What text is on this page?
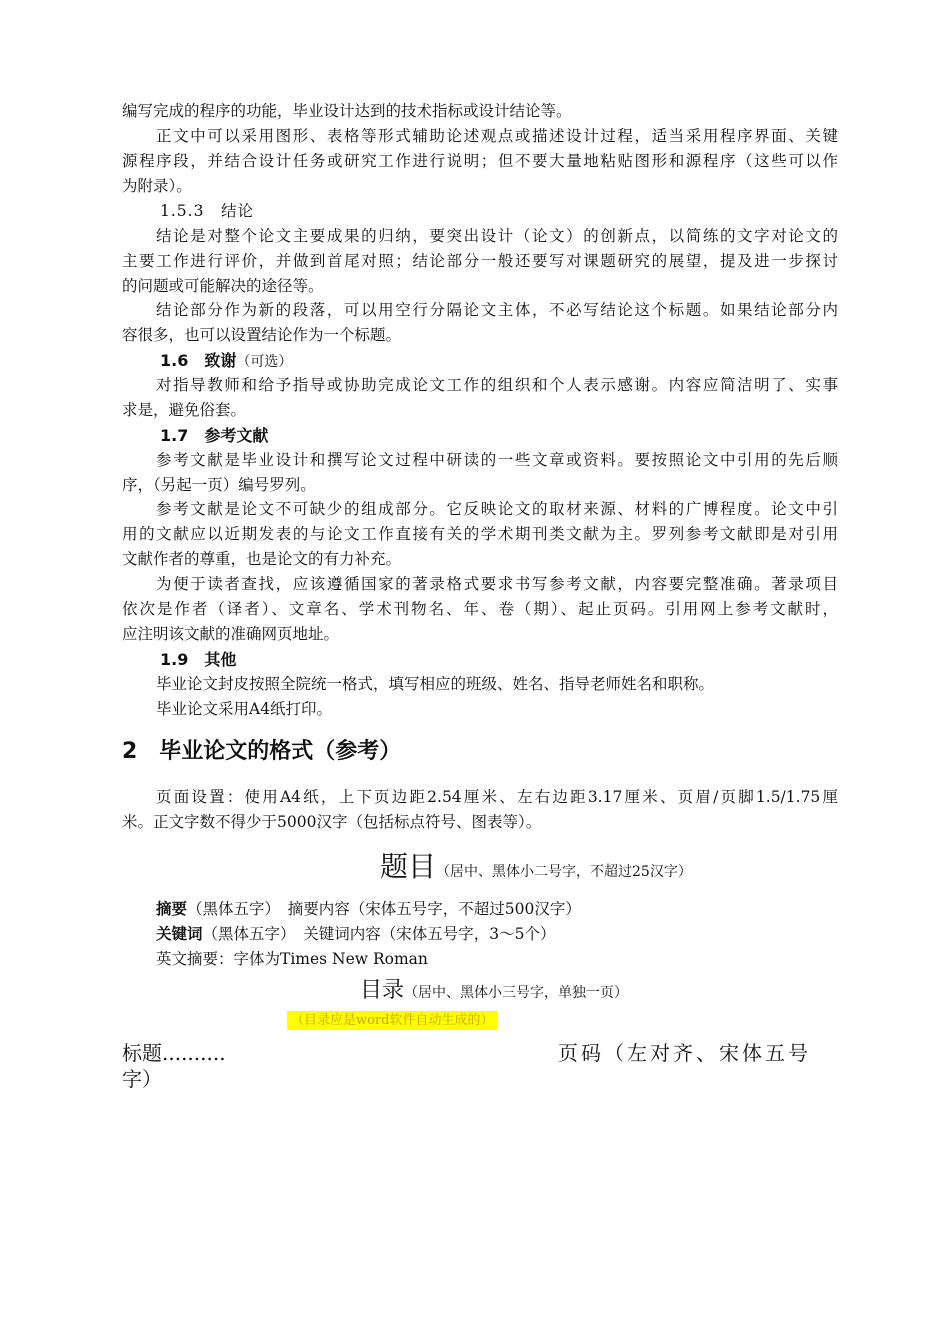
编写完成的程序的功能，毕业设计达到的技术指标或设计结论等。
正文中可以采用图形、表格等形式辅助论述观点或描述设计过程，适当采用程序界面、关键
源程序段，并结合设计任务或研究工作进行说明；但不要大量地粘贴图形和源程序（这些可以作
为附录）。
1.5.3　结论
结论是对整个论文主要成果的归纳，要突出设计（论文）的创新点，以简练的文字对论文的
主要工作进行评价，并做到首尾对照；结论部分一般还要写对课题研究的展望，提及进一步探讨
的问题或可能解决的途径等。
结论部分作为新的段落，可以用空行分隔论文主体，不必写结论这个标题。如果结论部分内
容很多，也可以设置结论作为一个标题。
1.6　致谢（可选）
对指导教师和给予指导或协助完成论文工作的组织和个人表示感谢。内容应简洁明了、实事
求是，避免俗套。
1.7　参考文献
参考文献是毕业设计和撰写论文过程中研读的一些文章或资料。要按照论文中引用的先后顺
序，（另起一页）编号罗列。
参考文献是论文不可缺少的组成部分。它反映论文的取材来源、材料的广博程度。论文中引
用的文献应以近期发表的与论文工作直接有关的学术期刊类文献为主。罗列参考文献即是对引用
文献作者的尊重，也是论文的有力补充。
为便于读者查找，应该遵循国家的著录格式要求书写参考文献，内容要完整准确。著录项目
依次是作者（译者）、文章名、学术刊物名、年、卷（期）、起止页码。引用网上参考文献时，
应注明该文献的准确网页地址。
1.9　其他
毕业论文封皮按照全院统一格式，填写相应的班级、姓名、指导老师姓名和职称。
毕业论文采用A4纸打印。
2　毕业论文的格式（参考）
页面设置：使用A4纸，上下页边距2.54厘米、左右边距3.17厘米、页眉/页脚1.5/1.75厘
米。正文字数不得少于5000汉字（包括标点符号、图表等）。
题目（居中、黑体小二号字，不超过25汉字）
摘要（黑体五字）　摘要内容（宋体五号字，不超过500汉字）
关键词（黑体五字）　关键词内容（宋体五号字，3～5个）
英文摘要：字体为Times New Roman
目录（居中、黑体小三号字，单独一页）
（目录应是word软件自动生成的）
标题..........	页码（左对齐、宋体五号
字）
